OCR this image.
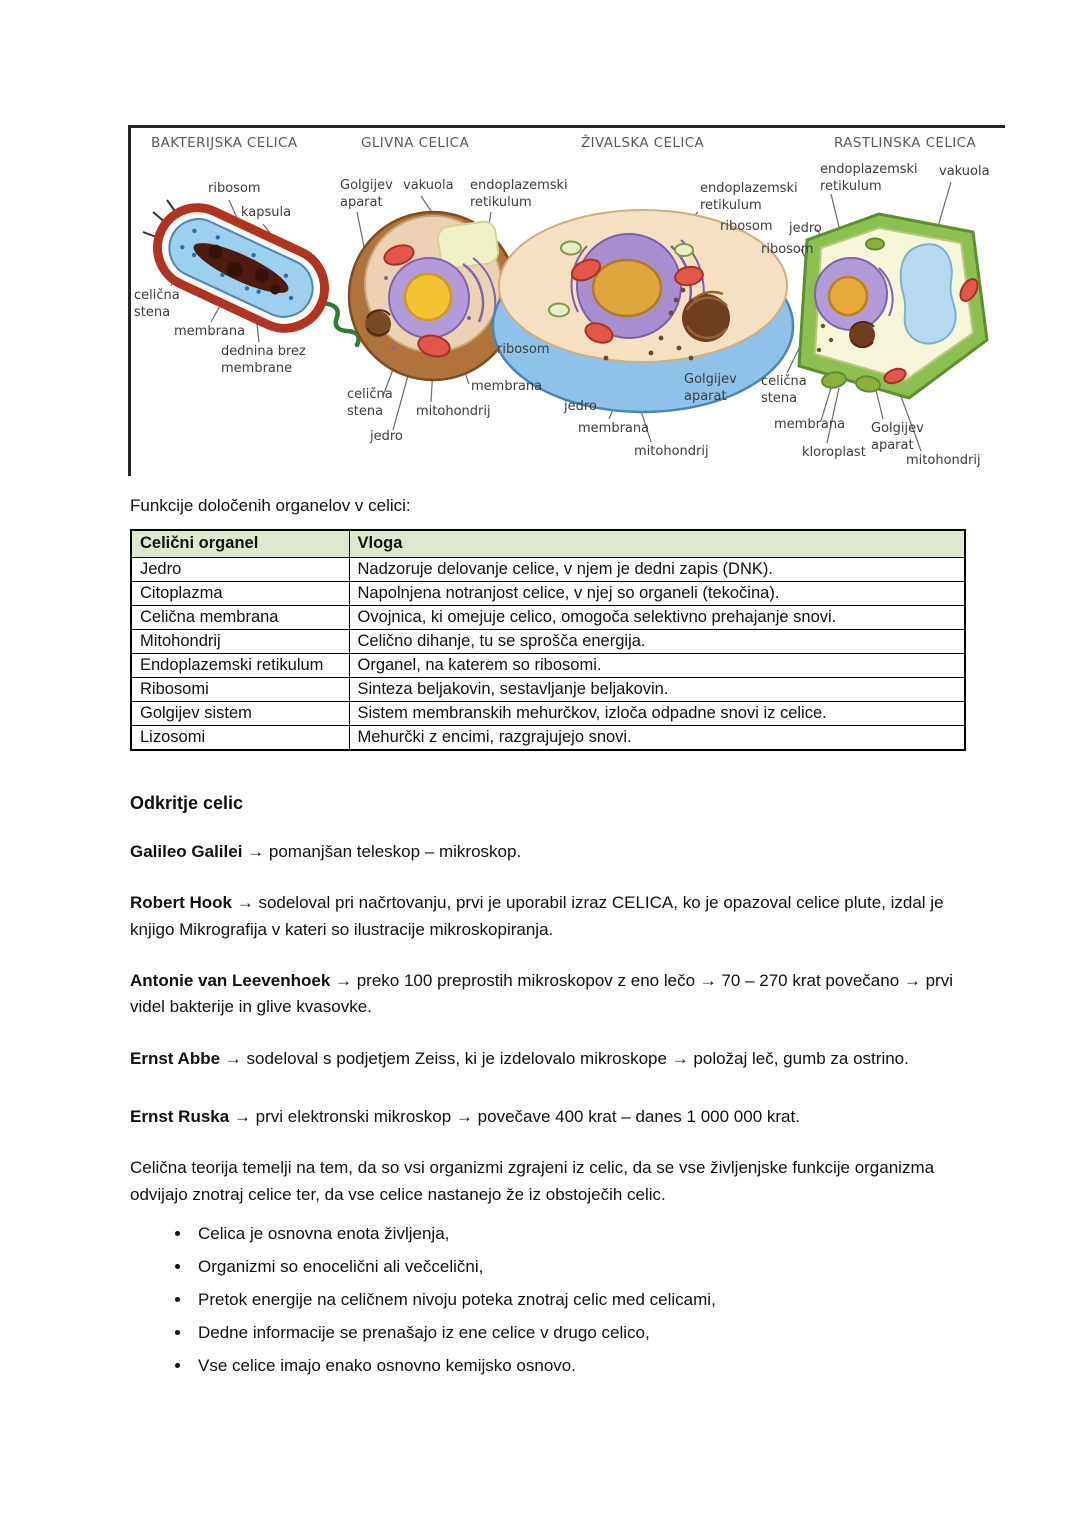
BAKTERIJSKA CELICA	GLIVNA CELICA	ŽIVALSKA CELICA	RASTLINSKA CELICA
ribosom
kapsula
celična stena
membrana
dednina brez membrane
Golgijev aparat
vakuola endoplazemski retikulum
ribosom
membrana
celična stena	mitohondrij
jedro
endoplazemski retikulum
ribosom
jedro
membrana
mitohondrij
Golgijev aparat
endoplazemski retikulum
vakuola
jedro
ribosom
celična stena
membrana
kloroplast
Golgijev aparat
mitohondrij

Funkcije določenih organelov v celici:

Celični organel	Vloga
Jedro	Nadzoruje delovanje celice, v njem je dedni zapis (DNK).
Citoplazma	Napolnjena notranjost celice, v njej so organeli (tekočina).
Celična membrana	Ovojnica, ki omejuje celico, omogoča selektivno prehajanje snovi.
Mitohondrij	Celično dihanje, tu se sprošča energija.
Endoplazemski retikulum	Organel, na katerem so ribosomi.
Ribosomi	Sinteza beljakovin, sestavljanje beljakovin.
Golgijev sistem	Sistem membranskih mehurčkov, izloča odpadne snovi iz celice.
Lizosomi	Mehurčki z encimi, razgrajujejo snovi.
Odkritje celic

Galileo Galilei → pomanjšan teleskop – mikroskop.

Robert Hook → sodeloval pri načrtovanju, prvi je uporabil izraz CELICA, ko je opazoval celice plute, izdal je knjigo Mikrografija v kateri so ilustracije mikroskopiranja.

Antonie van Leevenhoek → preko 100 preprostih mikroskopov z eno lečo → 70 – 270 krat povečano → prvi videl bakterije in glive kvasovke.

Ernst Abbe → sodeloval s podjetjem Zeiss, ki je izdelovalo mikroskope → položaj leč, gumb za ostrino.

Ernst Ruska → prvi elektronski mikroskop → povečave 400 krat – danes 1 000 000 krat.

Celična teorija temelji na tem, da so vsi organizmi zgrajeni iz celic, da se vse življenjske funkcije organizma odvijajo znotraj celice ter, da vse celice nastanejo že iz obstoječih celic.

• Celica je osnovna enota življenja,
• Organizmi so enocelični ali večcelični,
• Pretok energije na celičnem nivoju poteka znotraj celic med celicami,
• Dedne informacije se prenašajo iz ene celice v drugo celico,
• Vse celice imajo enako osnovno kemijsko osnovo.
